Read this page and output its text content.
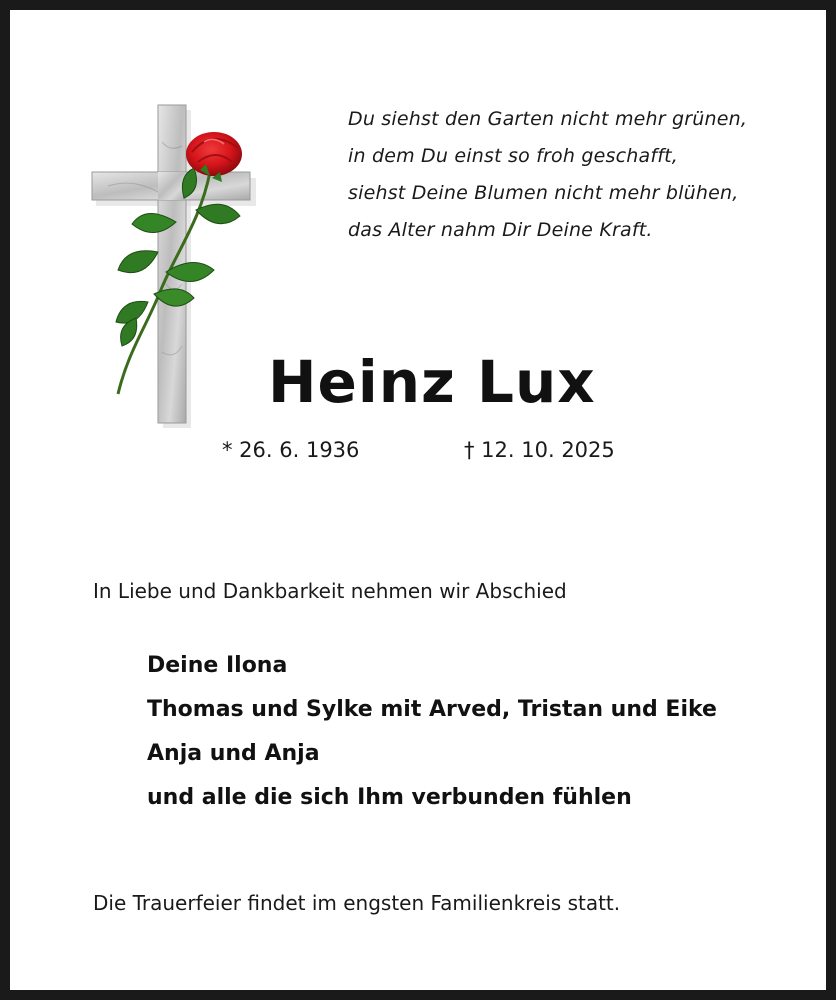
Du siehst den Garten nicht mehr grünen,
in dem Du einst so froh geschafft,
siehst Deine Blumen nicht mehr blühen,
das Alter nahm Dir Deine Kraft.
Heinz Lux
* 26. 6. 1936	† 12. 10. 2025
In Liebe und Dankbarkeit nehmen wir Abschied
Deine Ilona
Thomas und Sylke mit Arved, Tristan und Eike
Anja und Anja
und alle die sich Ihm verbunden fühlen
Die Trauerfeier findet im engsten Familienkreis statt.
